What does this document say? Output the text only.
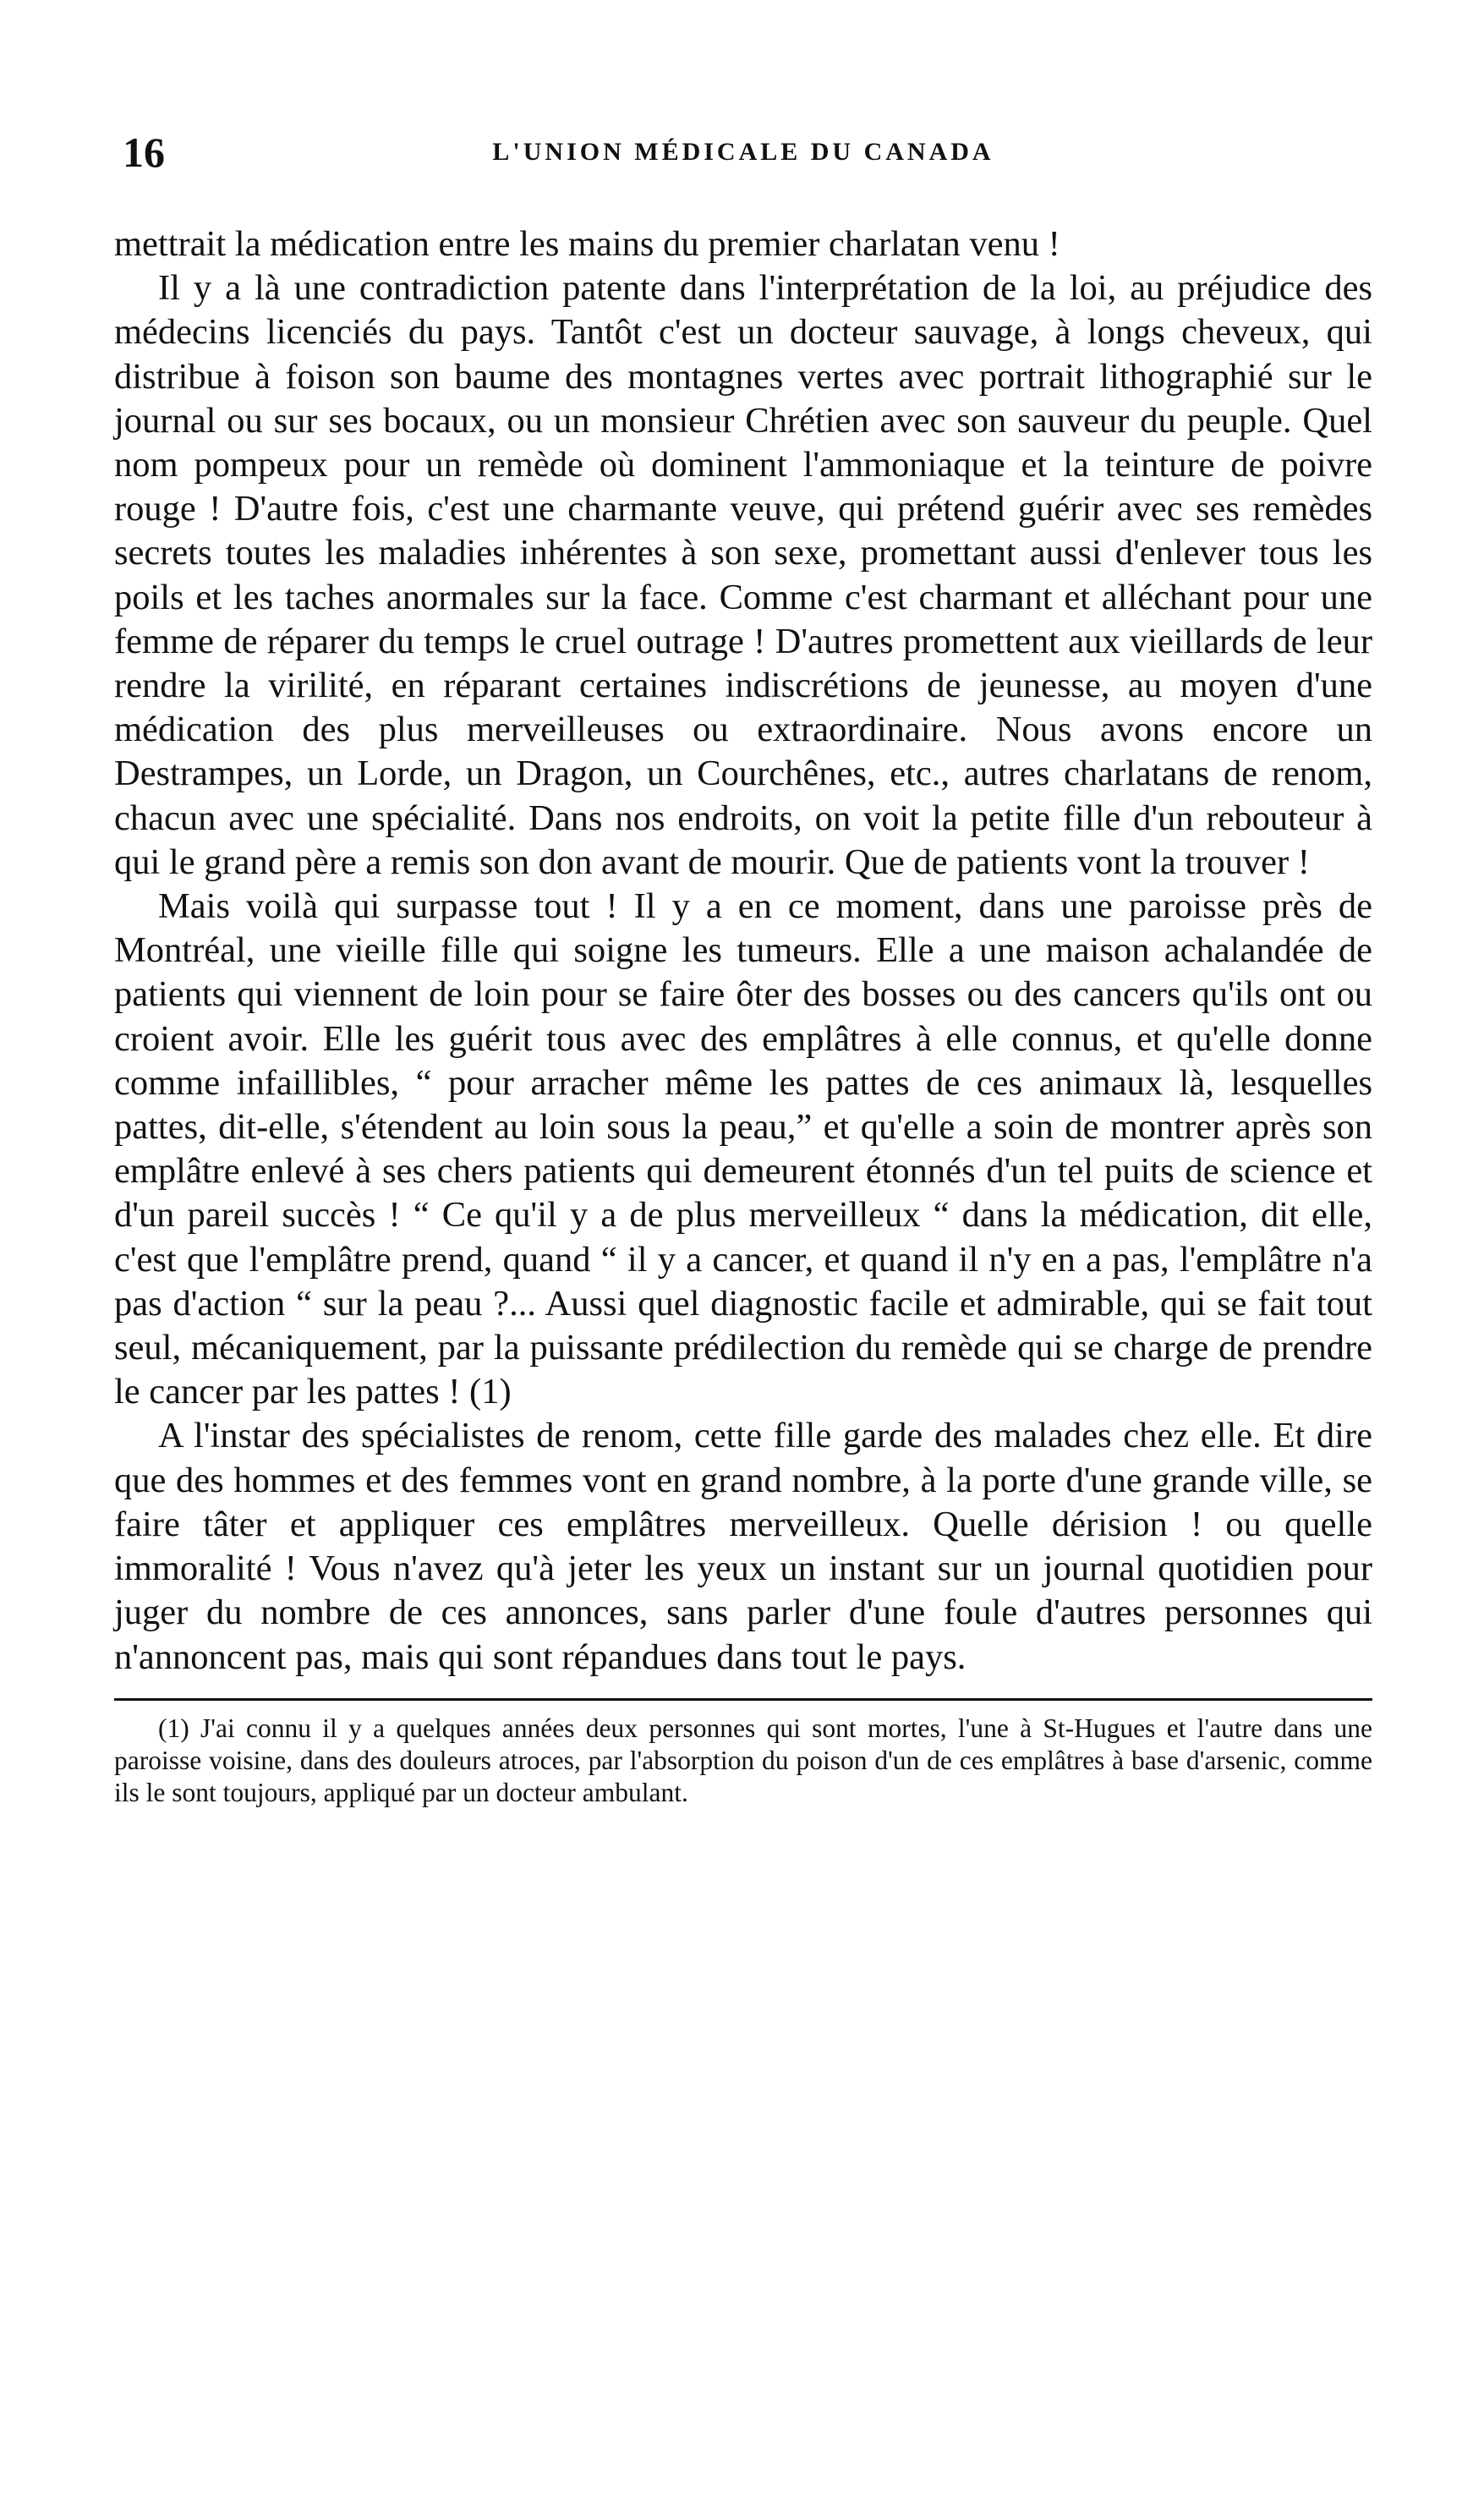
16	L'UNION MÉDICALE DU CANADA

mettrait la médication entre les mains du premier charlatan venu !

Il y a là une contradiction patente dans l'interprétation de la loi, au préjudice des médecins licenciés du pays. Tantôt c'est un docteur sauvage, à longs cheveux, qui distribue à foison son baume des montagnes vertes avec portrait lithographié sur le journal ou sur ses bocaux, ou un monsieur Chrétien avec son sauveur du peuple. Quel nom pompeux pour un remède où dominent l'ammoniaque et la teinture de poivre rouge ! D'autre fois, c'est une charmante veuve, qui prétend guérir avec ses remèdes secrets toutes les maladies inhérentes à son sexe, promettant aussi d'enlever tous les poils et les taches anormales sur la face. Comme c'est charmant et alléchant pour une femme de réparer du temps le cruel outrage ! D'autres promettent aux vieillards de leur rendre la virilité, en réparant certaines indiscrétions de jeunesse, au moyen d'une médication des plus merveilleuses ou extraordinaire. Nous avons encore un Destrampes, un Lorde, un Dragon, un Courchênes, etc., autres charlatans de renom, chacun avec une spécialité. Dans nos endroits, on voit la petite fille d'un rebouteur à qui le grand père a remis son don avant de mourir. Que de patients vont la trouver !

Mais voilà qui surpasse tout ! Il y a en ce moment, dans une paroisse près de Montréal, une vieille fille qui soigne les tumeurs. Elle a une maison achalandée de patients qui viennent de loin pour se faire ôter des bosses ou des cancers qu'ils ont ou croient avoir. Elle les guérit tous avec des emplâtres à elle connus, et qu'elle donne comme infaillibles, “ pour arracher même les pattes de ces animaux là, lesquelles pattes, dit-elle, s'étendent au loin sous la peau,” et qu'elle a soin de montrer après son emplâtre enlevé à ses chers patients qui demeurent étonnés d'un tel puits de science et d'un pareil succès ! “ Ce qu'il y a de plus merveilleux “ dans la médication, dit elle, c'est que l'emplâtre prend, quand “ il y a cancer, et quand il n'y en a pas, l'emplâtre n'a pas d'action “ sur la peau ?... Aussi quel diagnostic facile et admirable, qui se fait tout seul, mécaniquement, par la puissante prédilection du remède qui se charge de prendre le cancer par les pattes ! (1)

A l'instar des spécialistes de renom, cette fille garde des malades chez elle. Et dire que des hommes et des femmes vont en grand nombre, à la porte d'une grande ville, se faire tâter et appliquer ces emplâtres merveilleux. Quelle dérision ! ou quelle immoralité ! Vous n'avez qu'à jeter les yeux un instant sur un journal quotidien pour juger du nombre de ces annonces, sans parler d'une foule d'autres personnes qui n'annoncent pas, mais qui sont répandues dans tout le pays.

(1) J'ai connu il y a quelques années deux personnes qui sont mortes, l'une à St-Hugues et l'autre dans une paroisse voisine, dans des douleurs atroces, par l'absorption du poison d'un de ces emplâtres à base d'arsenic, comme ils le sont toujours, appliqué par un docteur ambulant.
